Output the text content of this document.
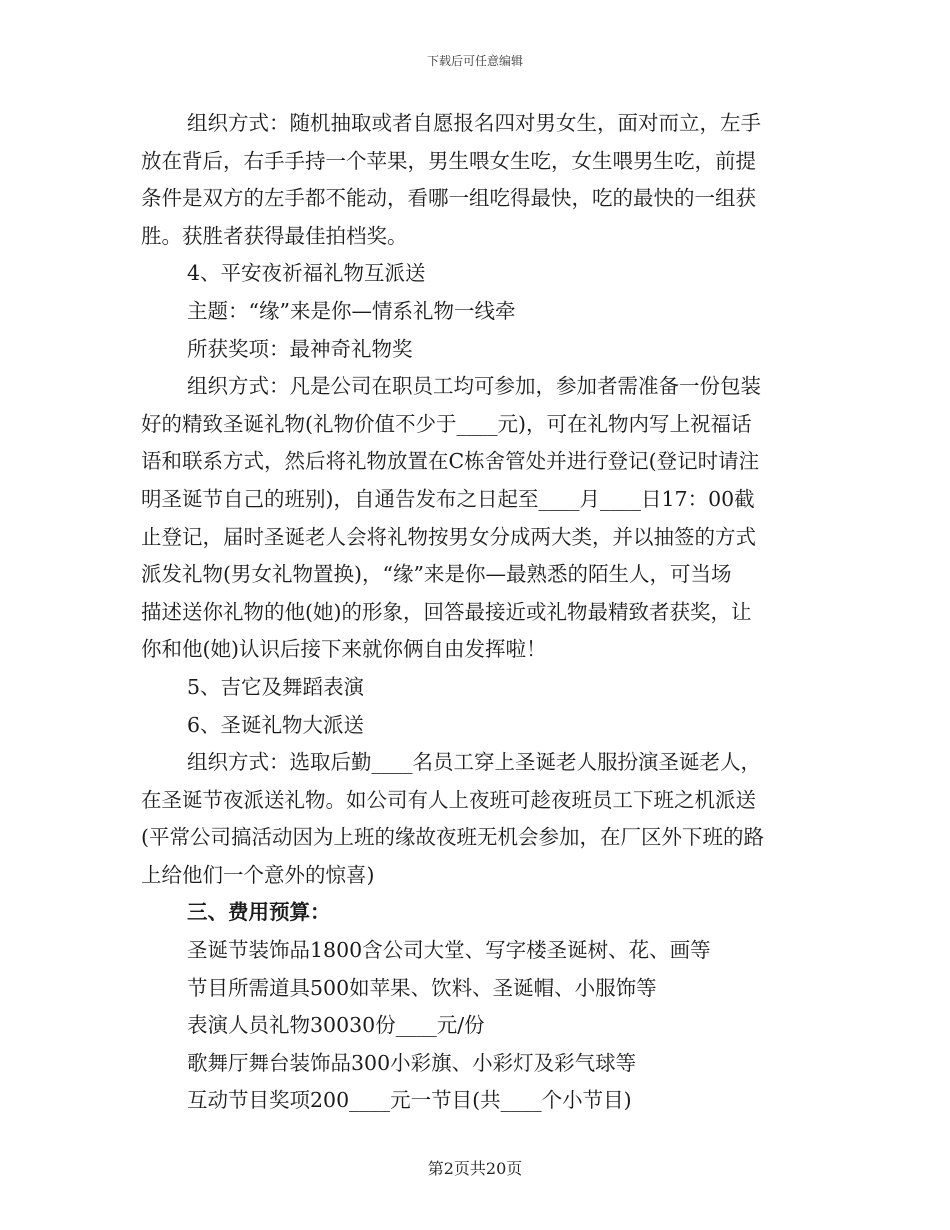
下载后可任意编辑

组织方式：随机抽取或者自愿报名四对男女生，面对而立，左手

放在背后，右手手持一个苹果，男生喂女生吃，女生喂男生吃，前提

条件是双方的左手都不能动，看哪一组吃得最快，吃的最快的一组获

胜。获胜者获得最佳拍档奖。

4、平安夜祈福礼物互派送

主题：“缘”来是你—情系礼物一线牵

所获奖项：最神奇礼物奖

组织方式：凡是公司在职员工均可参加，参加者需准备一份包装

好的精致圣诞礼物(礼物价值不少于____元)，可在礼物内写上祝福话

语和联系方式，然后将礼物放置在C栋舍管处并进行登记(登记时请注

明圣诞节自己的班别)，自通告发布之日起至____月____日17：00截

止登记，届时圣诞老人会将礼物按男女分成两大类，并以抽签的方式

派发礼物(男女礼物置换)，“缘”来是你—最熟悉的陌生人，可当场

描述送你礼物的他(她)的形象，回答最接近或礼物最精致者获奖，让

你和他(她)认识后接下来就你俩自由发挥啦！

5、吉它及舞蹈表演

6、圣诞礼物大派送

组织方式：选取后勤____名员工穿上圣诞老人服扮演圣诞老人，

在圣诞节夜派送礼物。如公司有人上夜班可趁夜班员工下班之机派送

(平常公司搞活动因为上班的缘故夜班无机会参加，在厂区外下班的路

上给他们一个意外的惊喜)

三、费用预算：

圣诞节装饰品1800含公司大堂、写字楼圣诞树、花、画等

节目所需道具500如苹果、饮料、圣诞帽、小服饰等

表演人员礼物30030份____元/份

歌舞厅舞台装饰品300小彩旗、小彩灯及彩气球等

互动节目奖项200____元一节目(共____个小节目)

第2页共20页
